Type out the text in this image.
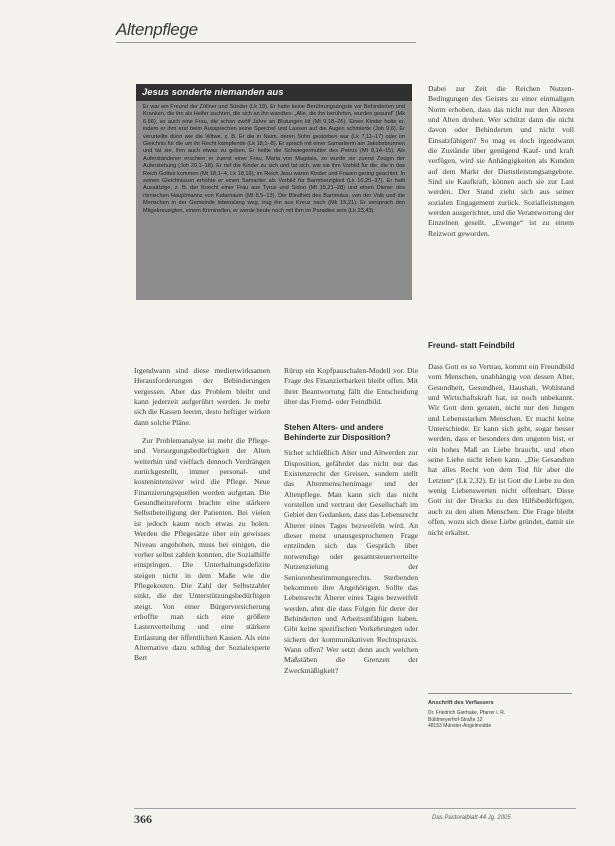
Altenpflege
Jesus sonderte niemanden aus
Er war ein Freund der Zöllner und Sünder (Lk 19). Er hatte keine Berührungsängste vor Behinderten und Kranken, die ihn als Helfer suchten, die sich an ihn wandten. „Alle, die ihn berührten, wurden gesund“ (Mk 6,56), so auch eine Frau, die schon zwölf Jahre an Blutungen litt (Mt 9,18–26). Einen Kinder holte er, indem er ihm erst beim Aussprechen seine Speichel und Lassen auf die Augen schmierte (Joh 9,6). Er verurteilte dünn wie die Witwe, z. B. Er die in Naim, deren Sohn gestorben war (Lk 7,11–17) oder im Gleichnis für die um ihr Recht kämpfende (Lk 18,1–8). Er sprach mit einer Samariterin am Jakobsbrunnen und tat sie, ihm auch etwas zu geben. Er heilte die Schwiegermutter des Petrus (Mt 8,14–15). Als Auferstandener erschien er zuerst einer Frau, Maria von Magdala, so wurde sie zuerst Zeugin der Auferstehung (Joh 20,1–18). Er rief die Kinder zu sich und tat sich, wie sie ihm Vorbild für die, die in das Reich Gottes kommen (Mt 18,1–4; Lk 18,16); im Reich Jesu waren Kinder und Frauen gering geachtet. In seinen Gleichnissen erhöhte er einen Samariter als Vorbild für Barmherzigkeit (Lk 10,25–37). Er heilt Aussätzige, z. B. der Knecht einer Frau aus Tyrus und Sidon (Mt 15,21–28) und einen Diener des römischen Hauptmanns von Kafarnaum (Mt 8,5–13). Die Blindheit des Bartimäus, von der Volk und die Menschen in der Gemeinde lebenslang weg, trug ihn aus Kreuz nach (Mk 15,21). Er versprach den Mitgekreuzigten, einem Kriminellen, er werde heute noch mit ihm im Paradies sein (Lk 23,43).

Irgendwann sind diese medienwirksamen Herausforderungen der Behinderungen vergessen. Aber das Problem bleibt und kann jederzeit aufgerührt werden. Je mehr sich die Kassen leeren, desto heftiger wirken dann solche Pläne.

Zur Problemanalyse ist mehr die Pflege- und Versorgungsbedürftigkeit der Alten weiterhin und vielfach dennoch Verdrängen zurückgestellt, immer personal- und kostenintensiver wird die Pflege. Neue Finanzierungsquellen werden aufgetan. Die Gesundheitsreform brachte eine stärkere Selbstbeteiligung der Patienten. Bei vielen ist jedoch kaum noch etwas zu holen. Werden die Pflegesätze über ein gewisses Niveau angehoben, muss bei einigen, die vorher selbst zahlen konnten, die Sozialhilfe einspringen. Die Unterhaltungsdefizite steigen nicht in dem Maße wie die Pflegekosten. Die Zahl der Selbstzahler sinkt, die der Unterstützungsbedürftigen steigt. Von einer Bürgerversicherung erhoffte man sich eine größere Lastenverteilung und eine stärkere Entlastung der öffentlichen Kassen. Als eine Alternative dazu schlug der Sozialexperte Bert

Rürup ein Kopfpauschalen-Modell vor. Die Frage des Finanzierbarkeit bleibt offen. Mit ihrer Beantwortung fällt die Entscheidung über das Fremd- oder Feindbild.

Stehen Alters- und andere Behinderte zur Disposition?

Sicher schließlich Alter und Altwerden zur Disposition, gefährdet das nicht nur das Existenzrecht der Greisen, sondern stellt das Altenmenschenimage und der Altenpflege. Man kann sich das nicht vorstellen und vertraut der Gesellschaft im Gebiet den Gedanken, dass das Lebensrecht Älterer eines Tages bezweifeln wird. An dieser meist unausgesprochenen Frage entzünden sich das Gespräch über notwendige oder gesamtsteuerverteilte Nutzenzielung der Seniorenbestimmungsrechts. Sterbenden bekommen ihre Angehörigen. Sollte das Lebensrecht Älterer eines Tages bezweifelt werden, ahnt die dass Folgen für derer der Behinderten und Arbeitsunfähigen haben. Gibt keine spezifischen Vorkehrungen oder sichern der kommunikativen Rechtspraxis. Wann offen? Wer setzt denn auch welchen Maßstäben die Grenzen der Zweckmäßigkeit?

Dabei zur Zeit die Reichen Nutzen-Bedingungen des Geistes zu einer einmaligen Norm erhoben, dass das nicht nur den Älteren und Alten drohen. Wer schützt dann die nicht davon oder Behinderten und nicht voll Einsatzfähigen? So mag es doch irgendwann die Zustände über genügend Kauf- und kraft verfügen, wird sie Anhängigkeiten als Kunden auf dem Markt der Dienstleistungsangebote. Sind sie Kaufkraft, können auch sie zur Last werden. Der Stand zieht sich aus seiner sozialen Engagement zurück. Sozialleistungen werden ausgerichtet, und die Verantwortung der Einzelnen gesellt. „Ewenge“ ist zu einem Reizwort geworden.

Freund- statt Feindbild

Dass Gott es so Vertrau, kommt ein Freundbild vom Menschen, unabhängig von dessen Alter, Gesundheit, Gesundheit, Haushalt, Wohlstand und Wirtschaftskraft hat, ist noch unbekannt. Wir Gott dem geraten, nicht nur den Jungen und Lebensstarken Menschen. Er macht keine Unterschiede. Er kann sich geht, sogar besser werden, dass er besonders den unguten bist, er ein hohes Maß an Liebe braucht, und eben seine Liebe nicht leben kann. „Die Gesandten hat alles Recht von dem Tod für aber die Letzten“ (Lk 2,32). Er ist Gott die Liebe zu den wenig Liebenswerten nicht offenbart. Diese Gott ist der Drucks zu den Hilfsbedürftigen, auch zu den alten Menschen. Die Frage bleibt offen, wozu sich diese Liebe gründet, damit sie nicht erkaltet.

Anschrift des Verfassers
Dr. Friedrich Gierhake, Pfarrer i. R.
Büldmeyerhof-Straße 12
48153 Münster-Angelmodde
366	Das Pastoralblatt 44 Jg. 2005
